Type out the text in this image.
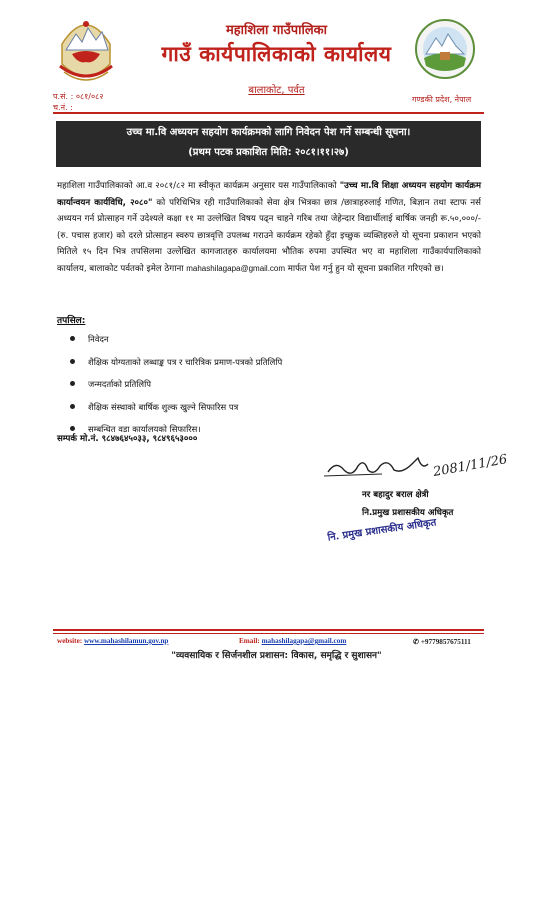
महाशिला गाउँपालिका
गाउँ कार्यपालिकाको कार्यालय
बालाकोट, पर्वत
प.सं. : ०८१/०८२
च.नं. :
गण्डकी प्रदेश, नेपाल
उच्च मा.वि अध्ययन सहयोग कार्यक्रमको लागि निवेदन पेश गर्ने सम्बन्धी सूचना।
(प्रथम पटक प्रकाशित मिति: २०८१।११।२७)
महाशिला गाउँपालिकाको आ.व २०८१/८२ मा स्वीकृत कार्यक्रम अनुसार यस गाउँपालिकाको "उच्च मा.वि शिक्षा अध्ययन सहयोग कार्यक्रम कार्यान्वयन कार्यविधि, २०८०" को परिधिभित्र रही गाउँपालिकाको सेवा क्षेत्र भित्रका छात्र /छात्राहरुलाई गणित, बिज्ञान तथा स्टाफ नर्स अध्ययन गर्न प्रोत्साहन गर्ने उदेश्यले कक्षा ११ मा उल्लेखित विषय पढ्न चाहने गरिब तथा जेहेन्दार विद्यार्थीलाई बार्षिक जनही रू.५०,०००/- (रु. पचास हजार) को दरले प्रोत्साहन स्वरुप छात्रवृत्ति उपलब्ध गराउने कार्यक्रम रहेको हुँदा इच्छुक व्यक्तिहरुले यो सूचना प्रकाशन भएको मितिले १५ दिन भित्र तपसिलमा उल्लेखित कागजातहरु कार्यालयमा भौतिक रुपमा उपस्थित भए वा महाशिला गाउँकार्यपालिकाको कार्यालय, बालाकोट पर्वतको इमेल ठेगाना mahashilagapa@gmail.com मार्फत पेश गर्नु हुन यो सूचना प्रकाशित गरिएको छ।
तपसिल:
निवेदन
शैक्षिक योग्यताको लब्धाङ्क पत्र र चारित्रिक प्रमाण-पत्रको प्रतिलिपि
जन्मदर्ताको प्रतिलिपि
शैक्षिक संस्थाको बार्षिक शुल्क खुल्ने सिफारिस पत्र
सम्बन्धित वडा कार्यालयको सिफारिस।
सम्पर्क मो.नं. ९८४७६४५०३३, ९८४९६५३०००
2081/11/26
नर बहादुर बराल क्षेत्री
नि.प्रमुख प्रशासकीय अधिकृत
नि. प्रमुख प्रशासकीय अधिकृत
website: www.mahashilamun.gov.np	Email: mahashilagapa@gmail.com	✆ +9779857675111
"व्यवसायिक र सिर्जनशील प्रशासन: विकास, समृद्धि र सुशासन"
